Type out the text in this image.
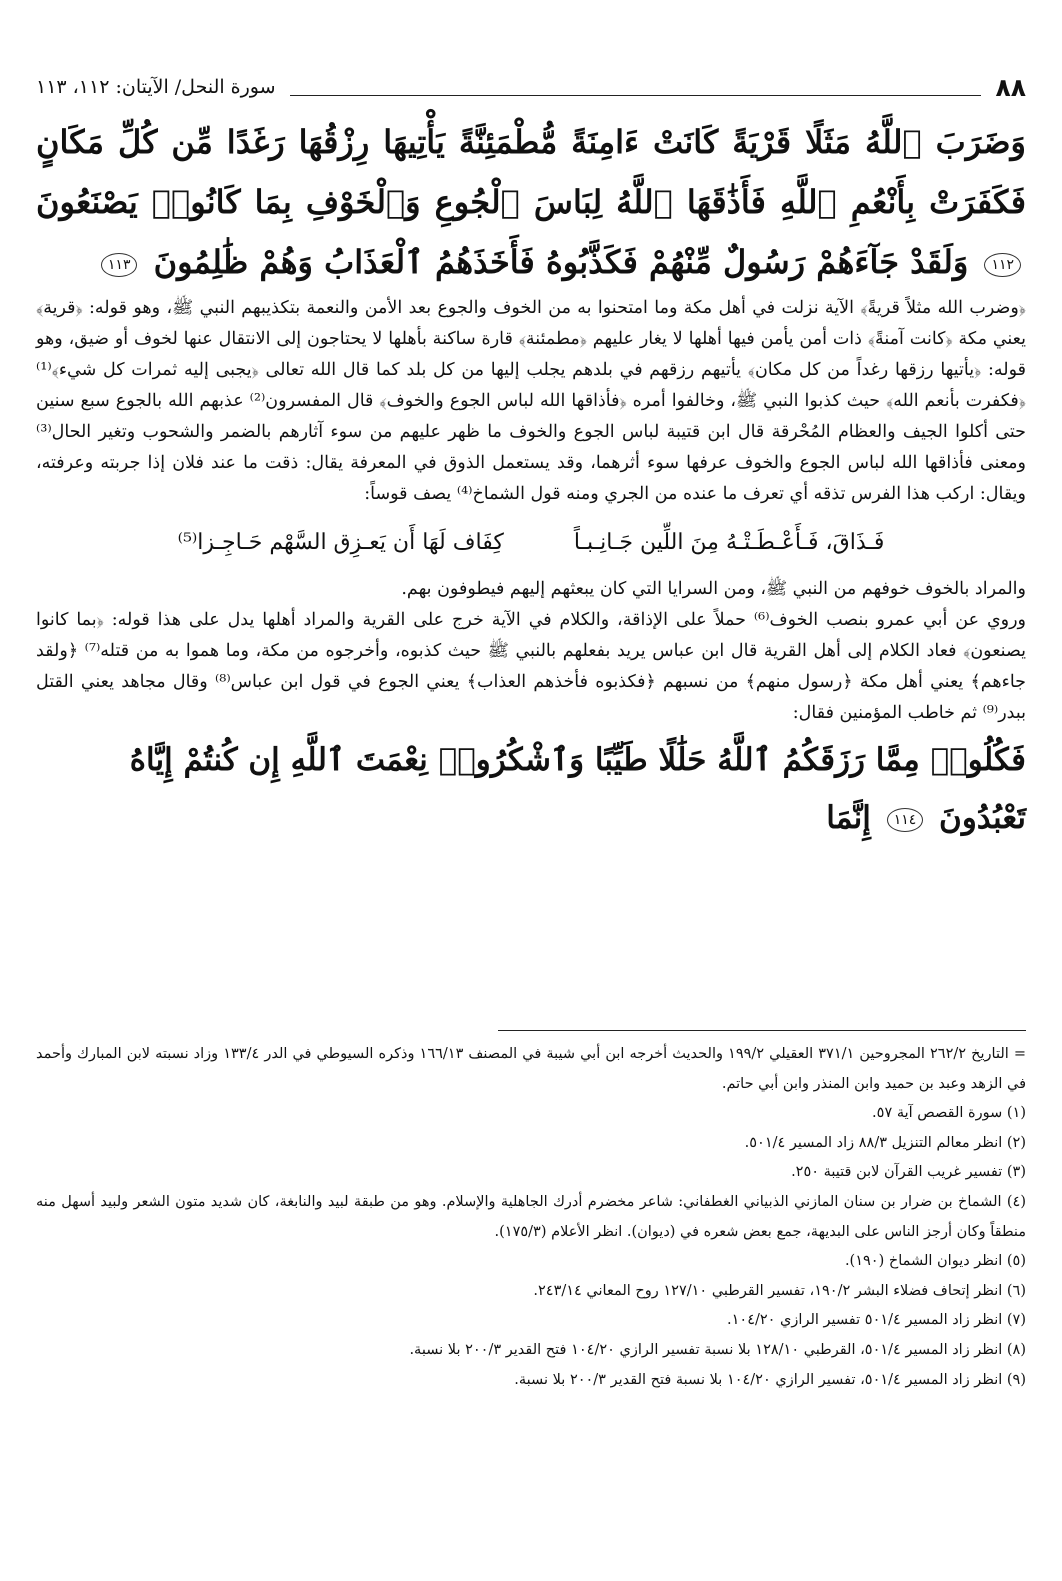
٨٨
سورة النحل/ الآيتان: ١١٢، ١١٣
وَضَرَبَ ٱللَّهُ مَثَلًا قَرْيَةً كَانَتْ ءَامِنَةً مُّطْمَئِنَّةً يَأْتِيهَا رِزْقُهَا رَغَدًا مِّن كُلِّ مَكَانٍ فَكَفَرَتْ بِأَنْعُمِ ٱللَّهِ فَأَذَٰقَهَا ٱللَّهُ لِبَاسَ ٱلْجُوعِ وَٱلْخَوْفِ بِمَا كَانُوا۟ يَصْنَعُونَ ١١٢ وَلَقَدْ جَآءَهُمْ رَسُولٌ مِّنْهُمْ فَكَذَّبُوهُ فَأَخَذَهُمُ ٱلْعَذَابُ وَهُمْ ظَٰلِمُونَ ١١٣

﴿وضرب الله مثلاً قريةً﴾ الآية نزلت في أهل مكة وما امتحنوا به من الخوف والجوع بعد الأمن والنعمة بتكذيبهم النبي ﷺ، وهو قوله: ﴿قرية﴾ يعني مكة ﴿كانت آمنةً﴾ ذات أمن يأمن فيها أهلها لا يغار عليهم ﴿مطمئنة﴾ قارة ساكنة بأهلها لا يحتاجون إلى الانتقال عنها لخوف أو ضيق، وهو قوله: ﴿يأتيها رزقها رغداً من كل مكان﴾ يأتيهم رزقهم في بلدهم يجلب إليها من كل بلد كما قال الله تعالى ﴿يجبى إليه ثمرات كل شيء﴾⁽¹⁾ ﴿فكفرت بأنعم الله﴾ حيث كذبوا النبي ﷺ، وخالفوا أمره ﴿فأذاقها الله لباس الجوع والخوف﴾ قال المفسرون⁽²⁾ عذبهم الله بالجوع سبع سنين حتى أكلوا الجيف والعظام المُحْرقة قال ابن قتيبة لباس الجوع والخوف ما ظهر عليهم من سوء آثارهم بالضمر والشحوب وتغير الحال⁽³⁾ ومعنى فأذاقها الله لباس الجوع والخوف عرفها سوء أثرهما، وقد يستعمل الذوق في المعرفة يقال: ذقت ما عند فلان إذا جربته وعرفته، ويقال: اركب هذا الفرس تذقه أي تعرف ما عنده من الجري ومنه قول الشماخ⁽⁴⁾ يصف قوساً:

فَـذَاقَ، فَـأَعْـطَـتْـهُ مِنَ اللِّين جَـانِـبـاً
كِفَاف لَهَا أَن يَعـزِق السَّهْم حَـاجِـزا⁽⁵⁾

والمراد بالخوف خوفهم من النبي ﷺ، ومن السرايا التي كان يبعثهم إليهم فيطوفون بهم.

وروي عن أبي عمرو بنصب الخوف⁽⁶⁾ حملاً على الإذاقة، والكلام في الآية خرج على القرية والمراد أهلها يدل على هذا قوله: ﴿بما كانوا يصنعون﴾ فعاد الكلام إلى أهل القرية قال ابن عباس يريد بفعلهم بالنبي ﷺ حيث كذبوه، وأخرجوه من مكة، وما هموا به من قتله⁽⁷⁾ ﴿ولقد جاءهم﴾ يعني أهل مكة ﴿رسول منهم﴾ من نسبهم ﴿فكذبوه فأخذهم العذاب﴾ يعني الجوع في قول ابن عباس⁽⁸⁾ وقال مجاهد يعني القتل ببدر⁽⁹⁾ ثم خاطب المؤمنين فقال:

فَكُلُوا۟ مِمَّا رَزَقَكُمُ ٱللَّهُ حَلَٰلًا طَيِّبًا وَٱشْكُرُوا۟ نِعْمَتَ ٱللَّهِ إِن كُنتُمْ إِيَّاهُ تَعْبُدُونَ ١١٤ إِنَّمَا

= التاريخ ٢٦٢/٢ المجروحين ٣٧١/١ العقيلي ١٩٩/٢ والحديث أخرجه ابن أبي شيبة في المصنف ١٦٦/١٣ وذكره السيوطي في الدر ١٣٣/٤ وزاد نسبته لابن المبارك وأحمد في الزهد وعبد بن حميد وابن المنذر وابن أبي حاتم.

(١) سورة القصص آية ٥٧.

(٢) انظر معالم التنزيل ٨٨/٣ زاد المسير ٥٠١/٤.

(٣) تفسير غريب القرآن لابن قتيبة ٢٥٠.

(٤) الشماخ بن ضرار بن سنان المازني الذبياني الغطفاني: شاعر مخضرم أدرك الجاهلية والإسلام. وهو من طبقة لبيد والنابغة، كان شديد متون الشعر ولبيد أسهل منه منطقاً وكان أرجز الناس على البديهة، جمع بعض شعره في (ديوان). انظر الأعلام (١٧٥/٣).

(٥) انظر ديوان الشماخ (١٩٠).

(٦) انظر إتحاف فضلاء البشر ١٩٠/٢، تفسير القرطبي ١٢٧/١٠ روح المعاني ٢٤٣/١٤.

(٧) انظر زاد المسير ٥٠١/٤ تفسير الرازي ١٠٤/٢٠.

(٨) انظر زاد المسير ٥٠١/٤، القرطبي ١٢٨/١٠ بلا نسبة تفسير الرازي ١٠٤/٢٠ فتح القدير ٢٠٠/٣ بلا نسبة.

(٩) انظر زاد المسير ٥٠١/٤، تفسير الرازي ١٠٤/٢٠ بلا نسبة فتح القدير ٢٠٠/٣ بلا نسبة.
